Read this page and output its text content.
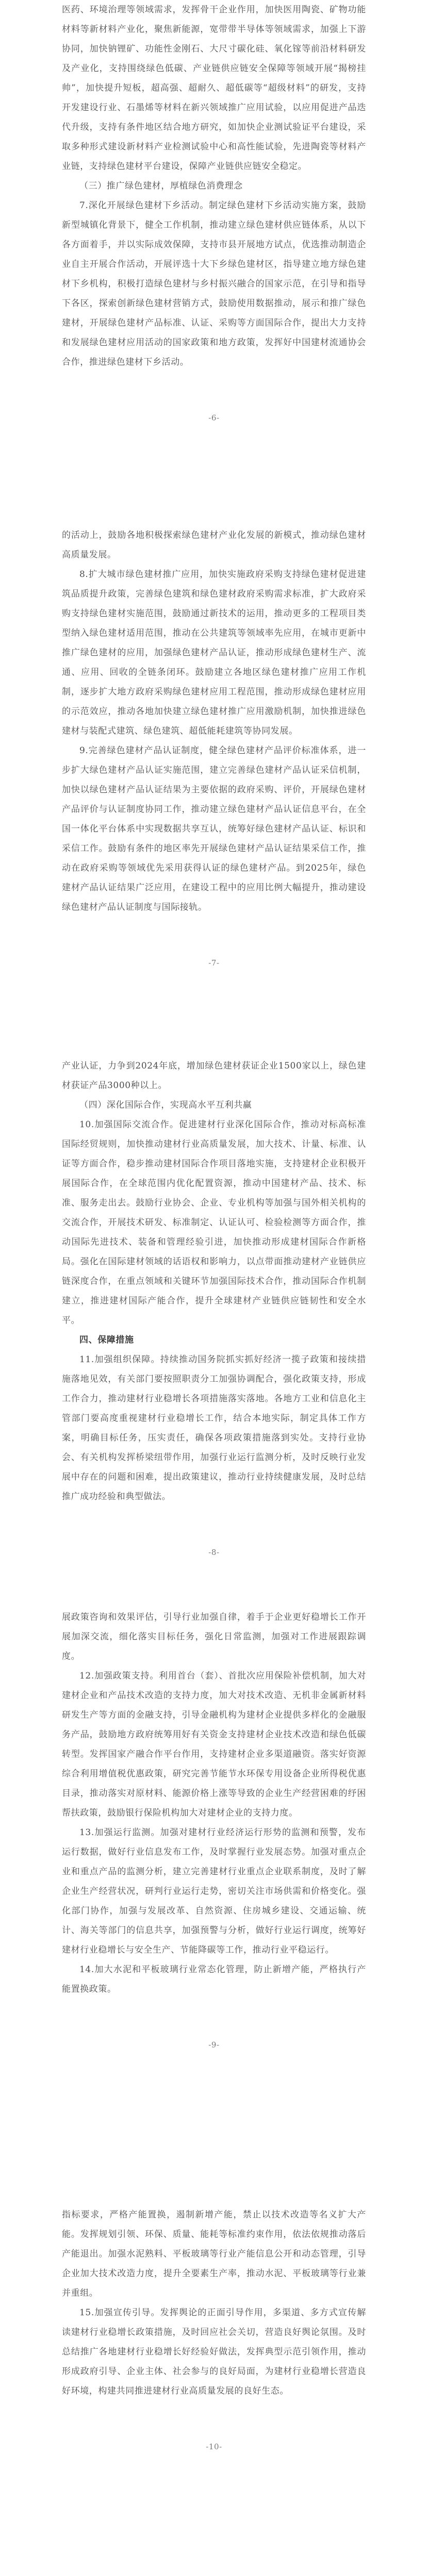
医药、环境治理等领域需求，发挥骨干企业作用，加快医用陶瓷、矿物功能材料等新材料产业化，聚焦新能源，宽带带半导体等领域需求，加强上下游协同，加快钠锂矿、功能性金刚石、大尺寸碳化硅、氧化镓等前沿材料研发及产业化，支持围绕绿色低碳、产业链供应链安全保障等领域开展“揭榜挂帅”，加快提升短板，超高强、超耐久、超低碳等“超级材料”的研发，支持开发建设行业、石墨烯等材料在新兴领域推广应用试验，以应用促进产品迭代升级，支持有条件地区结合地方研究，如加快企业测试验证平台建设，采取多种形式建设新材料产业检测试验中心和高性能试验，先进陶瓷等材料产业链，支持绿色建材平台建设，保障产业链供应链安全稳定。

（三）推广绿色建材，厚植绿色消费理念

7.深化开展绿色建材下乡活动。制定绿色建材下乡活动实施方案，鼓励新型城镇化背景下，健全工作机制，推动建立绿色建材供应链体系，从以下各方面着手，并以实际成效保障，支持市县开展地方试点，优选推动制造企业自主开展合作活动，开展评选十大下乡绿色建材区，指导建立地方绿色建材下乡机构，积极打造绿色建材与乡村振兴融合的国家示范，在引导和指导下各区，探索创新绿色建材营销方式，鼓励使用数据推动，展示和推广绿色建材，开展绿色建材产品标准、认证、采购等方面国际合作，提出大力支持和发展绿色建材应用活动的国家政策和地方政策，发挥好中国建材流通协会合作，推进绿色建材下乡活动。

-6-

的活动上，鼓励各地积极探索绿色建材产业化发展的新模式，推动绿色建材高质量发展。

8.扩大城市绿色建材推广应用，加快实施政府采购支持绿色建材促进建筑品质提升政策，完善绿色建筑和绿色建材政府采购需求标准，扩大政府采购支持绿色建材实施范围，鼓励通过新技术的运用，推动更多的工程项目类型纳入绿色建材适用范围，推动在公共建筑等领域率先应用，在城市更新中推广绿色建材的应用，加强绿色建材产品认证，推动形成绿色建材生产、流通、应用、回收的全链条闭环。鼓励建立各地区绿色建材推广应用工作机制，逐步扩大地方政府采购绿色建材应用工程范围，推动形成绿色建材应用的示范效应，推动各地加快建立绿色建材推广应用激励机制，加快推进绿色建材与装配式建筑、绿色建筑、超低能耗建筑等协同发展。

9.完善绿色建材产品认证制度，健全绿色建材产品评价标准体系，进一步扩大绿色建材产品认证实施范围，建立完善绿色建材产品认证采信机制，加快以绿色建材产品认证结果为主要依据的政府采购、评价，开展绿色建材产品评价与认证制度协同工作，推动建立绿色建材产品认证信息平台，在全国一体化平台体系中实现数据共享互认，统筹好绿色建材产品认证、标识和采信工作。鼓励有条件的地区率先开展绿色建材产品认证结果采信工作，推动在政府采购等领域优先采用获得认证的绿色建材产品。到2025年，绿色建材产品认证结果广泛应用，在建设工程中的应用比例大幅提升，推动建设绿色建材产品认证制度与国际接轨。

-7-

产业认证，力争到2024年底，增加绿色建材获证企业1500家以上，绿色建材获证产品3000种以上。

（四）深化国际合作，实现高水平互利共赢

10.加强国际交流合作。促进建材行业深化国际合作，推动对标高标准国际经贸规则，加快推动建材行业高质量发展，加大技术、计量、标准、认证等方面合作，稳步推动建材国际合作项目落地实施，支持建材企业积极开展国际合作，在全球范围内优化配置资源，推动中国建材产品、技术、标准、服务走出去。鼓励行业协会、企业、专业机构等加强与国外相关机构的交流合作，开展技术研发、标准制定、认证认可、检验检测等方面合作，推动国际先进技术、装备和管理经验引进，加快推动形成建材国际合作新格局。强化在国际建材领域的话语权和影响力，以点带面推动建材产业链供应链深度合作，在重点领域和关键环节加强国际技术合作，推动国际合作机制建立，推进建材国际产能合作，提升全球建材产业链供应链韧性和安全水平。

四、保障措施

11.加强组织保障。持续推动国务院抓实抓好经济一揽子政策和接续措施落地见效，有关部门要按照职责分工加强协调配合，强化政策支持，形成工作合力，推动建材行业稳增长各项措施落实落地。各地方工业和信息化主管部门要高度重视建材行业稳增长工作，结合本地实际，制定具体工作方案，明确目标任务，压实责任，确保各项政策措施落到实处。支持行业协会、有关机构发挥桥梁纽带作用，加强行业运行监测分析，及时反映行业发展中存在的问题和困难，提出政策建议，推动行业持续健康发展，及时总结推广成功经验和典型做法。

-8-

展政策咨询和效果评估，引导行业加强自律，着手于企业更好稳增长工作开展加深交流，细化落实目标任务，强化日常监测，加强对工作进展跟踪调度。

12.加强政策支持。利用首台（套）、首批次应用保险补偿机制，加大对建材企业和产品技术改造的支持力度，加大对技术改造、无机非金属新材料研发生产等方面的金融支持，引导金融机构为建材企业提供多样化的金融服务产品，鼓励地方政府统筹用好有关资金支持建材企业技术改造和绿色低碳转型。发挥国家产融合作平台作用，支持建材企业多渠道融资。落实好资源综合利用增值税优惠政策，研究完善节能节水环保专用设备企业所得税优惠目录，推动落实对原材料、能源价格上涨等导致的企业生产经营困难的纾困帮扶政策，鼓励银行保险机构加大对建材企业的支持力度。

13.加强运行监测。加强对建材行业经济运行形势的监测和预警，发布运行数据，做好行业信息发布工作，及时掌握行业发展态势。加强对重点企业和重点产品的监测分析，建立完善建材行业重点企业联系制度，及时了解企业生产经营状况，研判行业运行走势，密切关注市场供需和价格变化。强化部门协作，加强与发展改革、自然资源、住房城乡建设、交通运输、统计、海关等部门的信息共享，加强预警与分析，做好行业运行调度，统筹好建材行业稳增长与安全生产、节能降碳等工作，推动行业平稳运行。

14.加大水泥和平板玻璃行业常态化管理，防止新增产能，严格执行产能置换政策。

-9-

指标要求，严格产能置换，遏制新增产能，禁止以技术改造等名义扩大产能。发挥规划引领、环保、质量、能耗等标准约束作用，依法依规推动落后产能退出。加强水泥熟料、平板玻璃等行业产能信息公开和动态管理，引导企业加大技术改造力度，提升全要素生产率，推动水泥、平板玻璃等行业兼并重组。

15.加强宣传引导。发挥舆论的正面引导作用，多渠道、多方式宣传解读建材行业稳增长政策措施，及时回应社会关切，营造良好舆论氛围。及时总结推广各地建材行业稳增长好经验好做法，发挥典型示范引领作用，推动形成政府引导、企业主体、社会参与的良好局面，为建材行业稳增长营造良好环境，构建共同推进建材行业高质量发展的良好生态。

-10-
